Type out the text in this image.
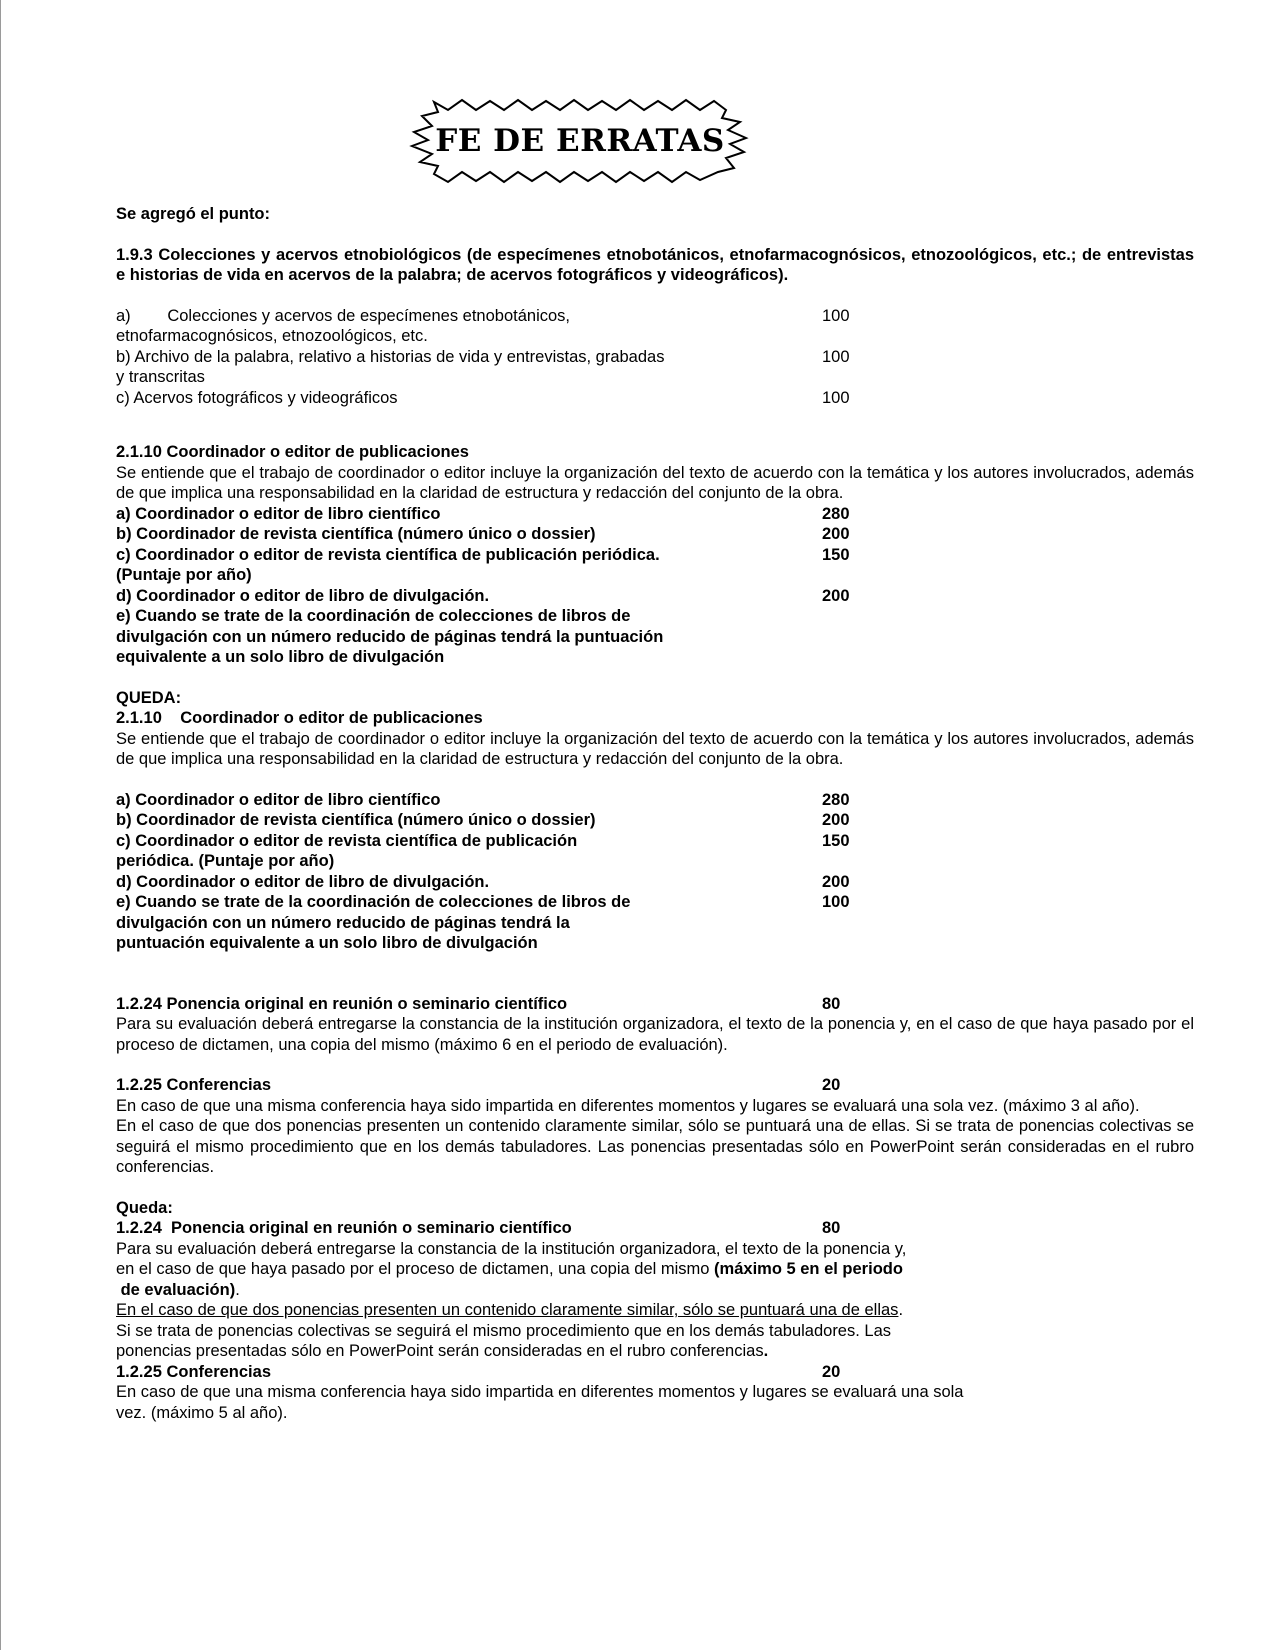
FE DE ERRATAS

Se agregó el punto:

1.9.3 Colecciones y acervos etnobiológicos (de especímenes etnobotánicos, etnofarmacognósicos, etnozoológicos, etc.; de entrevistas e historias de vida en acervos de la palabra; de acervos fotográficos y videográficos).

a)        Colecciones y acervos de especímenes etnobotánicos,
etnofarmacognósicos, etnozoológicos, etc.
100
b) Archivo de la palabra, relativo a historias de vida y entrevistas, grabadas
y transcritas
100
c) Acervos fotográficos y videográficos	100

2.1.10 Coordinador o editor de publicaciones

Se entiende que el trabajo de coordinador o editor incluye la organización del texto de acuerdo con la temática y los autores involucrados, además de que implica una responsabilidad en la claridad de estructura y redacción del conjunto de la obra.

a) Coordinador o editor de libro científico	280
b) Coordinador de revista científica (número único o dossier)	200
c) Coordinador o editor de revista científica de publicación periódica.
(Puntaje por año)
150
d) Coordinador o editor de libro de divulgación.	200
e) Cuando se trate de la coordinación de colecciones de libros de
divulgación con un número reducido de páginas tendrá la puntuación
equivalente a un solo libro de divulgación

QUEDA:

2.1.10    Coordinador o editor de publicaciones

Se entiende que el trabajo de coordinador o editor incluye la organización del texto de acuerdo con la temática y los autores involucrados, además de que implica una responsabilidad en la claridad de estructura y redacción del conjunto de la obra.

a) Coordinador o editor de libro científico	280
b) Coordinador de revista científica (número único o dossier)	200
c) Coordinador o editor de revista científica de publicación
periódica. (Puntaje por año)
150
d) Coordinador o editor de libro de divulgación.	200
e) Cuando se trate de la coordinación de colecciones de libros de
divulgación con un número reducido de páginas tendrá la
puntuación equivalente a un solo libro de divulgación
100
1.2.24 Ponencia original en reunión o seminario científico	80

Para su evaluación deberá entregarse la constancia de la institución organizadora, el texto de la ponencia y, en el caso de que haya pasado por el proceso de dictamen, una copia del mismo (máximo 6 en el periodo de evaluación).

1.2.25 Conferencias	20

En caso de que una misma conferencia haya sido impartida en diferentes momentos y lugares se evaluará una sola vez. (máximo 3 al año).

En el caso de que dos ponencias presenten un contenido claramente similar, sólo se puntuará una de ellas. Si se trata de ponencias colectivas se seguirá el mismo procedimiento que en los demás tabuladores. Las ponencias presentadas sólo en PowerPoint serán consideradas en el rubro conferencias.

Queda:

1.2.24  Ponencia original en reunión o seminario científico	80

Para su evaluación deberá entregarse la constancia de la institución organizadora, el texto de la ponencia y,

en el caso de que haya pasado por el proceso de dictamen, una copia del mismo (máximo 5 en el periodo

de evaluación).

En el caso de que dos ponencias presenten un contenido claramente similar, sólo se puntuará una de ellas.

Si se trata de ponencias colectivas se seguirá el mismo procedimiento que en los demás tabuladores. Las

ponencias presentadas sólo en PowerPoint serán consideradas en el rubro conferencias.

1.2.25 Conferencias	20

En caso de que una misma conferencia haya sido impartida en diferentes momentos y lugares se evaluará una sola

vez. (máximo 5 al año).
